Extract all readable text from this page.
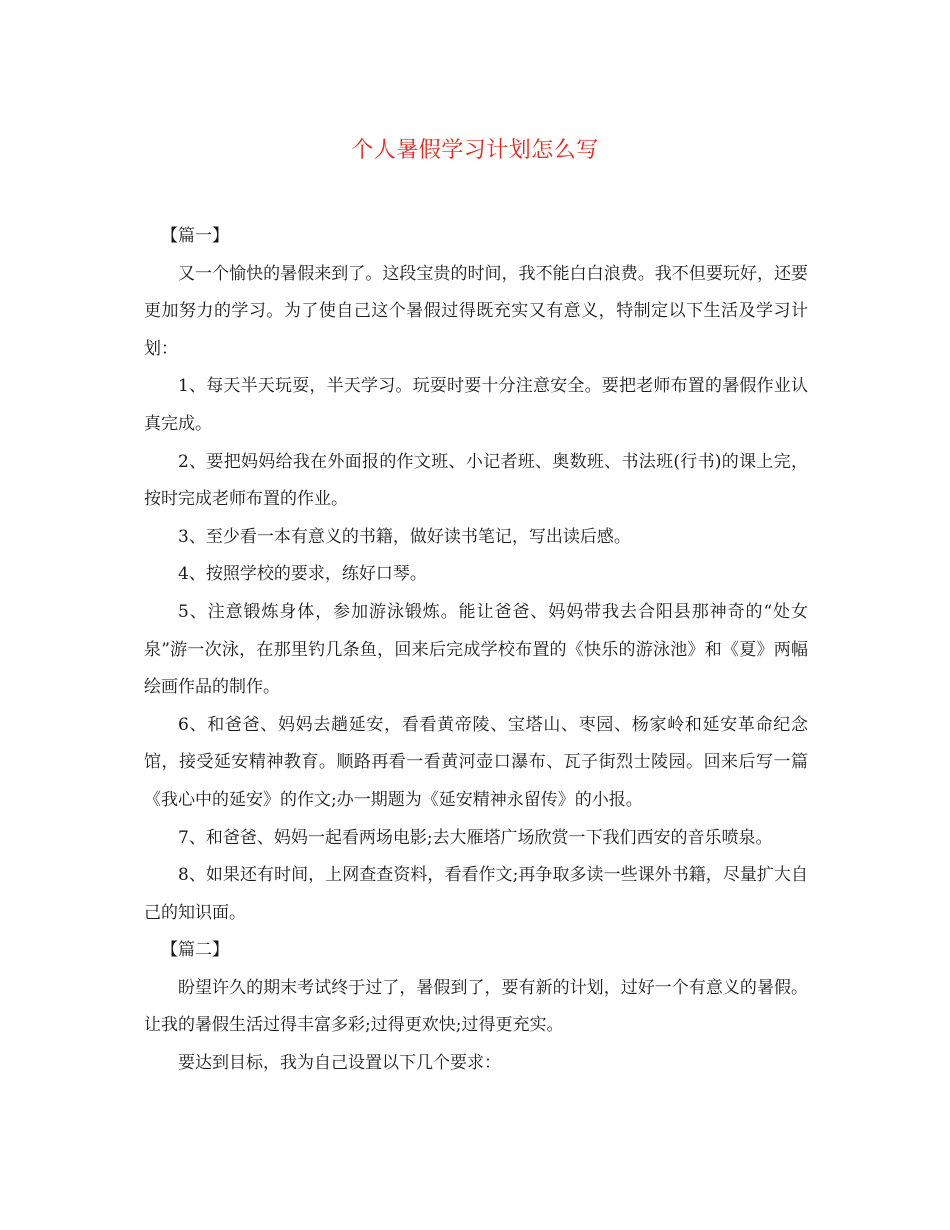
个人暑假学习计划怎么写

【篇一】

又一个愉快的暑假来到了。这段宝贵的时间，我不能白白浪费。我不但要玩好，还要更加努力的学习。为了使自己这个暑假过得既充实又有意义，特制定以下生活及学习计划：

1、每天半天玩耍，半天学习。玩耍时要十分注意安全。要把老师布置的暑假作业认真完成。

2、要把妈妈给我在外面报的作文班、小记者班、奥数班、书法班(行书)的课上完，按时完成老师布置的作业。

3、至少看一本有意义的书籍，做好读书笔记，写出读后感。

4、按照学校的要求，练好口琴。

5、注意锻炼身体，参加游泳锻炼。能让爸爸、妈妈带我去合阳县那神奇的“处女泉”游一次泳，在那里钓几条鱼，回来后完成学校布置的《快乐的游泳池》和《夏》两幅绘画作品的制作。

6、和爸爸、妈妈去趟延安，看看黄帝陵、宝塔山、枣园、杨家岭和延安革命纪念馆，接受延安精神教育。顺路再看一看黄河壶口瀑布、瓦子街烈士陵园。回来后写一篇《我心中的延安》的作文;办一期题为《延安精神永留传》的小报。

7、和爸爸、妈妈一起看两场电影;去大雁塔广场欣赏一下我们西安的音乐喷泉。

8、如果还有时间，上网查查资料，看看作文;再争取多读一些课外书籍，尽量扩大自己的知识面。

【篇二】

盼望许久的期末考试终于过了，暑假到了，要有新的计划，过好一个有意义的暑假。让我的暑假生活过得丰富多彩;过得更欢快;过得更充实。

要达到目标，我为自己设置以下几个要求：
